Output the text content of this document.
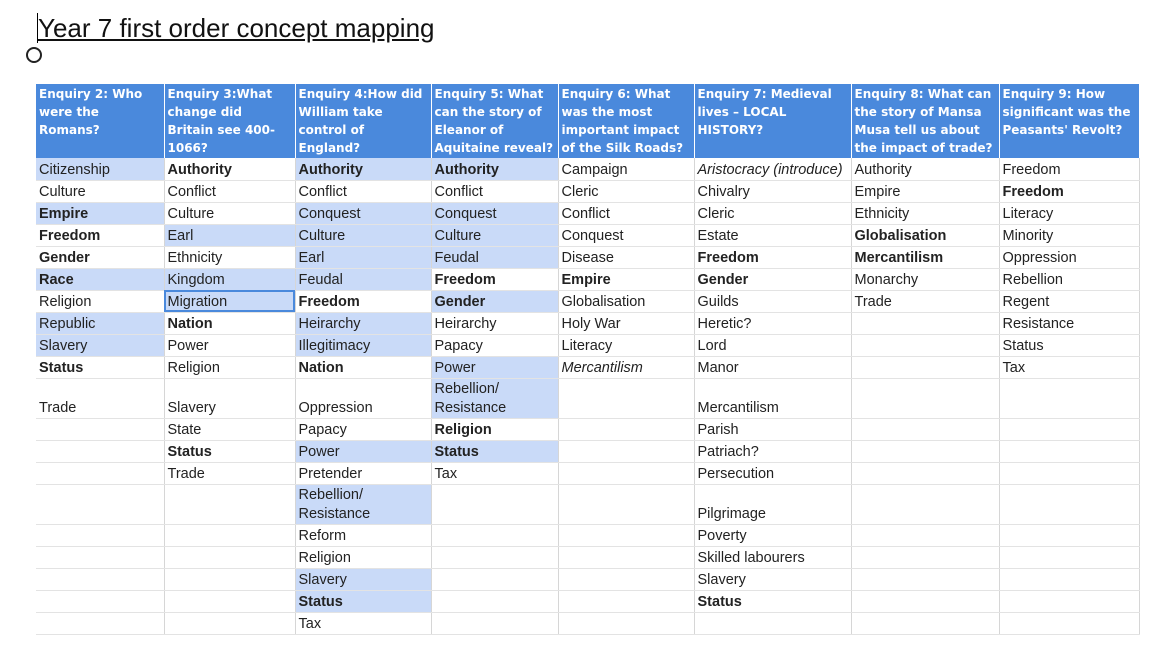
Year 7 first order concept mapping
Enquiry 2: Who were the Romans?	Enquiry 3:What change did Britain see 400-1066?	Enquiry 4:How did William take control of England?	Enquiry 5: What can the story of Eleanor of Aquitaine reveal?	Enquiry 6: What was the most important impact of the Silk Roads?	Enquiry 7: Medieval lives – LOCAL HISTORY?	Enquiry 8: What can the story of Mansa Musa tell us about the impact of trade?	Enquiry 9: How significant was the Peasants' Revolt?
Citizenship	Authority	Authority	Authority	Campaign	Aristocracy (introduce)	Authority	Freedom
Culture	Conflict	Conflict	Conflict	Cleric	Chivalry	Empire	Freedom
Empire	Culture	Conquest	Conquest	Conflict	Cleric	Ethnicity	Literacy
Freedom	Earl	Culture	Culture	Conquest	Estate	Globalisation	Minority
Gender	Ethnicity	Earl	Feudal	Disease	Freedom	Mercantilism	Oppression
Race	Kingdom	Feudal	Freedom	Empire	Gender	Monarchy	Rebellion
Religion	Migration	Freedom	Gender	Globalisation	Guilds	Trade	Regent
Republic	Nation	Heirarchy	Heirarchy	Holy War	Heretic?		Resistance
Slavery	Power	Illegitimacy	Papacy	Literacy	Lord		Status
Status	Religion	Nation	Power	Mercantilism	Manor		Tax
Trade	Slavery	Oppression	Rebellion/ Resistance		Mercantilism		
	State	Papacy	Religion		Parish		
	Status	Power	Status		Patriach?		
	Trade	Pretender	Tax		Persecution		
		Rebellion/ Resistance			Pilgrimage		
		Reform			Poverty		
		Religion			Skilled labourers		
		Slavery			Slavery		
		Status			Status		
		Tax					
